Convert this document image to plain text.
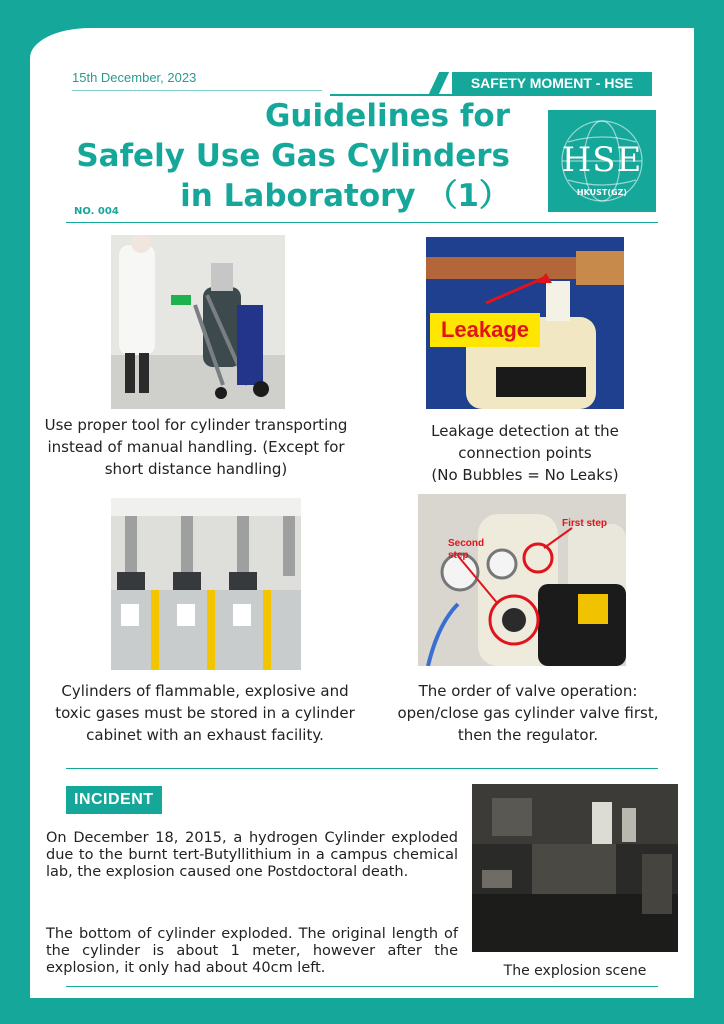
15th December, 2023	SAFETY MOMENT - HSE
Guidelines for
Safely Use Gas Cylinders
in Laboratory （1）
NO. 004
HSE
HKUST(GZ)
Use proper tool for cylinder transporting
instead of manual handling. (Except for
short distance handling)
Leakage
Leakage detection at the
connection points
(No Bubbles = No Leaks)
Cylinders of flammable, explosive and
toxic gases must be stored in a cylinder
cabinet with an exhaust facility.
First step
Second step
The order of valve operation:
open/close gas cylinder valve first,
then the regulator.
INCIDENT
On December 18, 2015, a hydrogen Cylinder exploded due to the burnt tert-Butyllithium in a campus chemical lab, the explosion caused one Postdoctoral death.
The bottom of cylinder exploded. The original length of the cylinder is about 1 meter, however after the explosion, it only had about 40cm left.	The explosion scene
